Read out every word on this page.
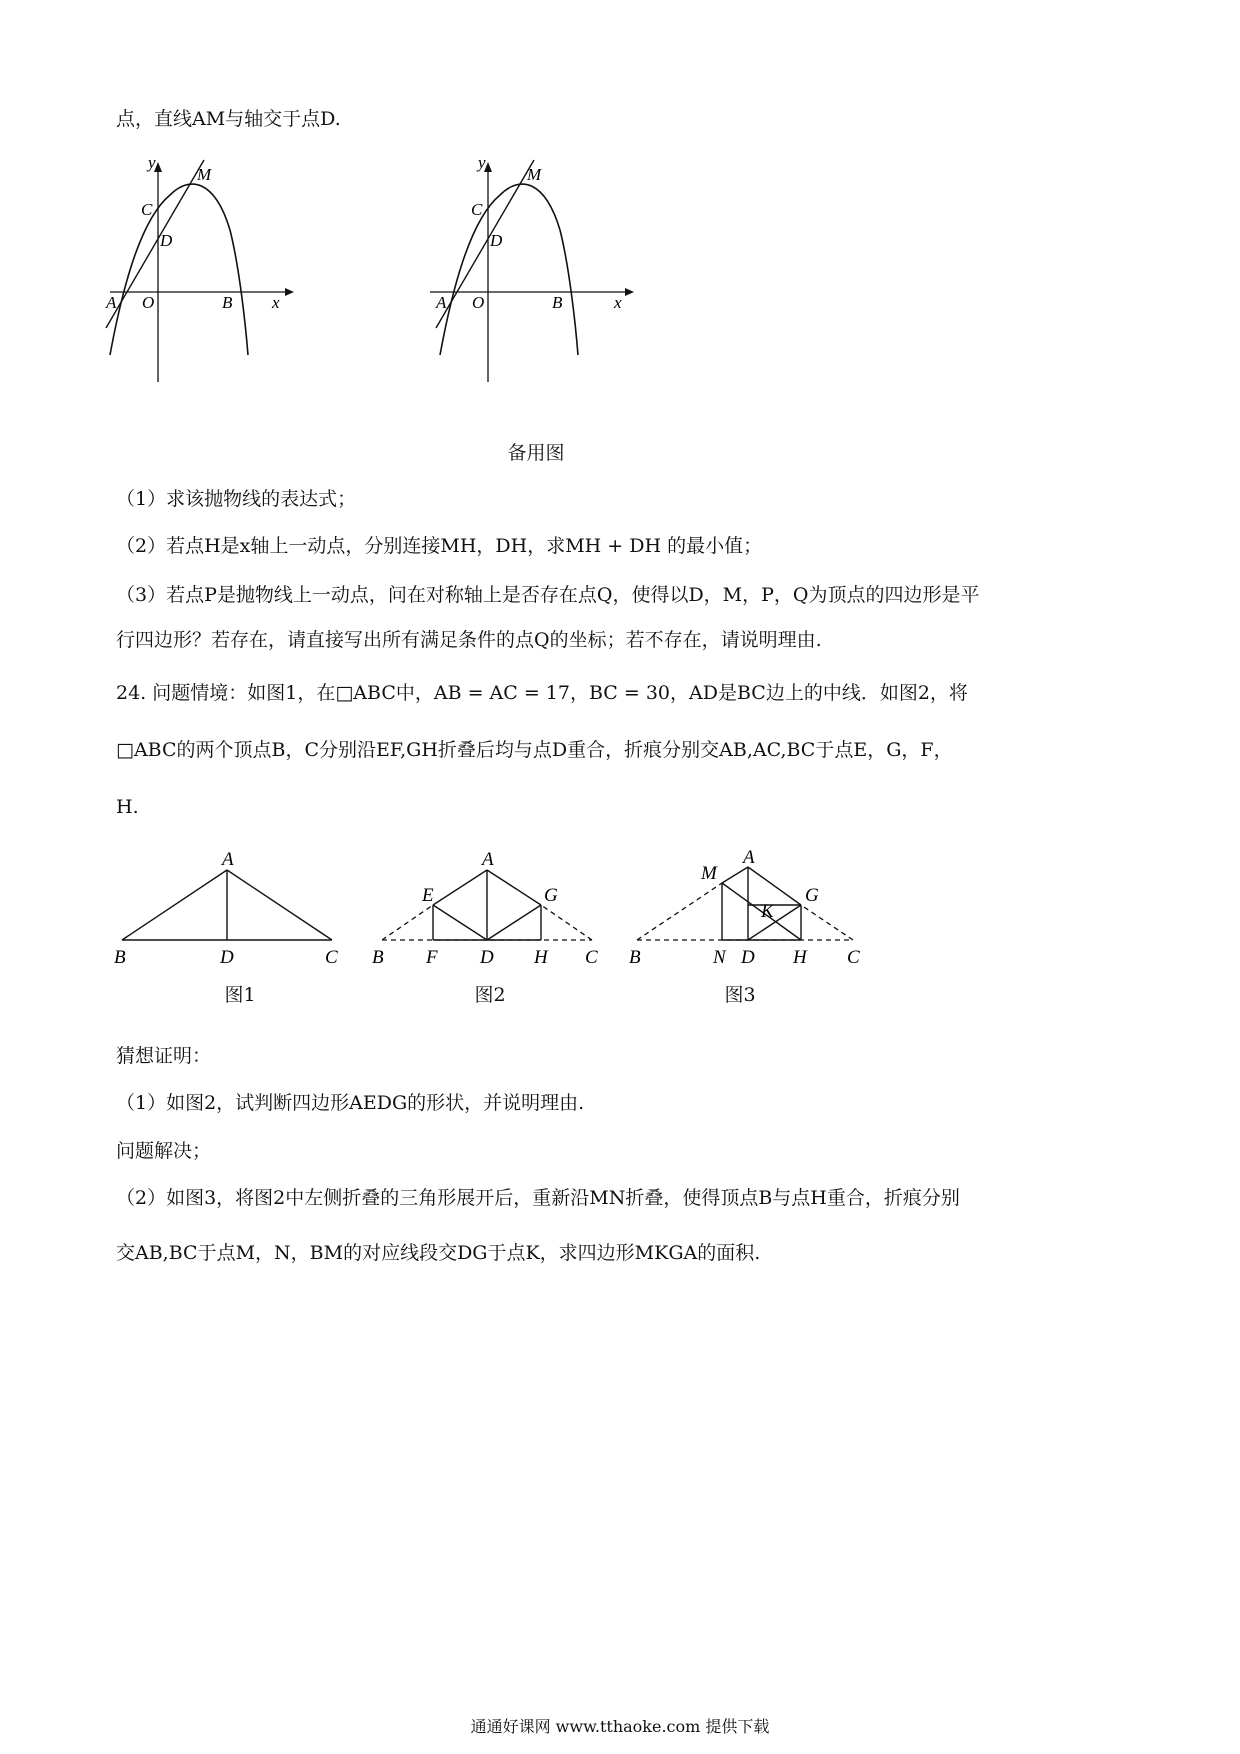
点，直线AM与轴交于点D.
y
M
C
D
A O	B x
y
M
C
D
A O	B	x
备用图
（1）求该抛物线的表达式；
（2）若点H是x轴上一动点，分别连接MH，DH，求MH + DH 的最小值；
（3）若点P是抛物线上一动点，问在对称轴上是否存在点Q，使得以D，M，P，Q为顶点的四边形是平
行四边形？若存在，请直接写出所有满足条件的点Q的坐标；若不存在，请说明理由.
24. 问题情境：如图1，在□ABC中，AB = AC = 17，BC = 30，AD是BC边上的中线．如图2，将
□ABC的两个顶点B，C分别沿EF,GH折叠后均与点D重合，折痕分别交AB,AC,BC于点E，G，F，
H.
A
B	D	C
图1
A
E	G
B F D H C
图2
A
M
G
K
B	N D H C
图3
猜想证明：
（1）如图2，试判断四边形AEDG的形状，并说明理由.
问题解决；
（2）如图3，将图2中左侧折叠的三角形展开后，重新沿MN折叠，使得顶点B与点H重合，折痕分别
交AB,BC于点M，N，BM的对应线段交DG于点K，求四边形MKGA的面积.
通通好课网 www.tthaoke.com 提供下载
